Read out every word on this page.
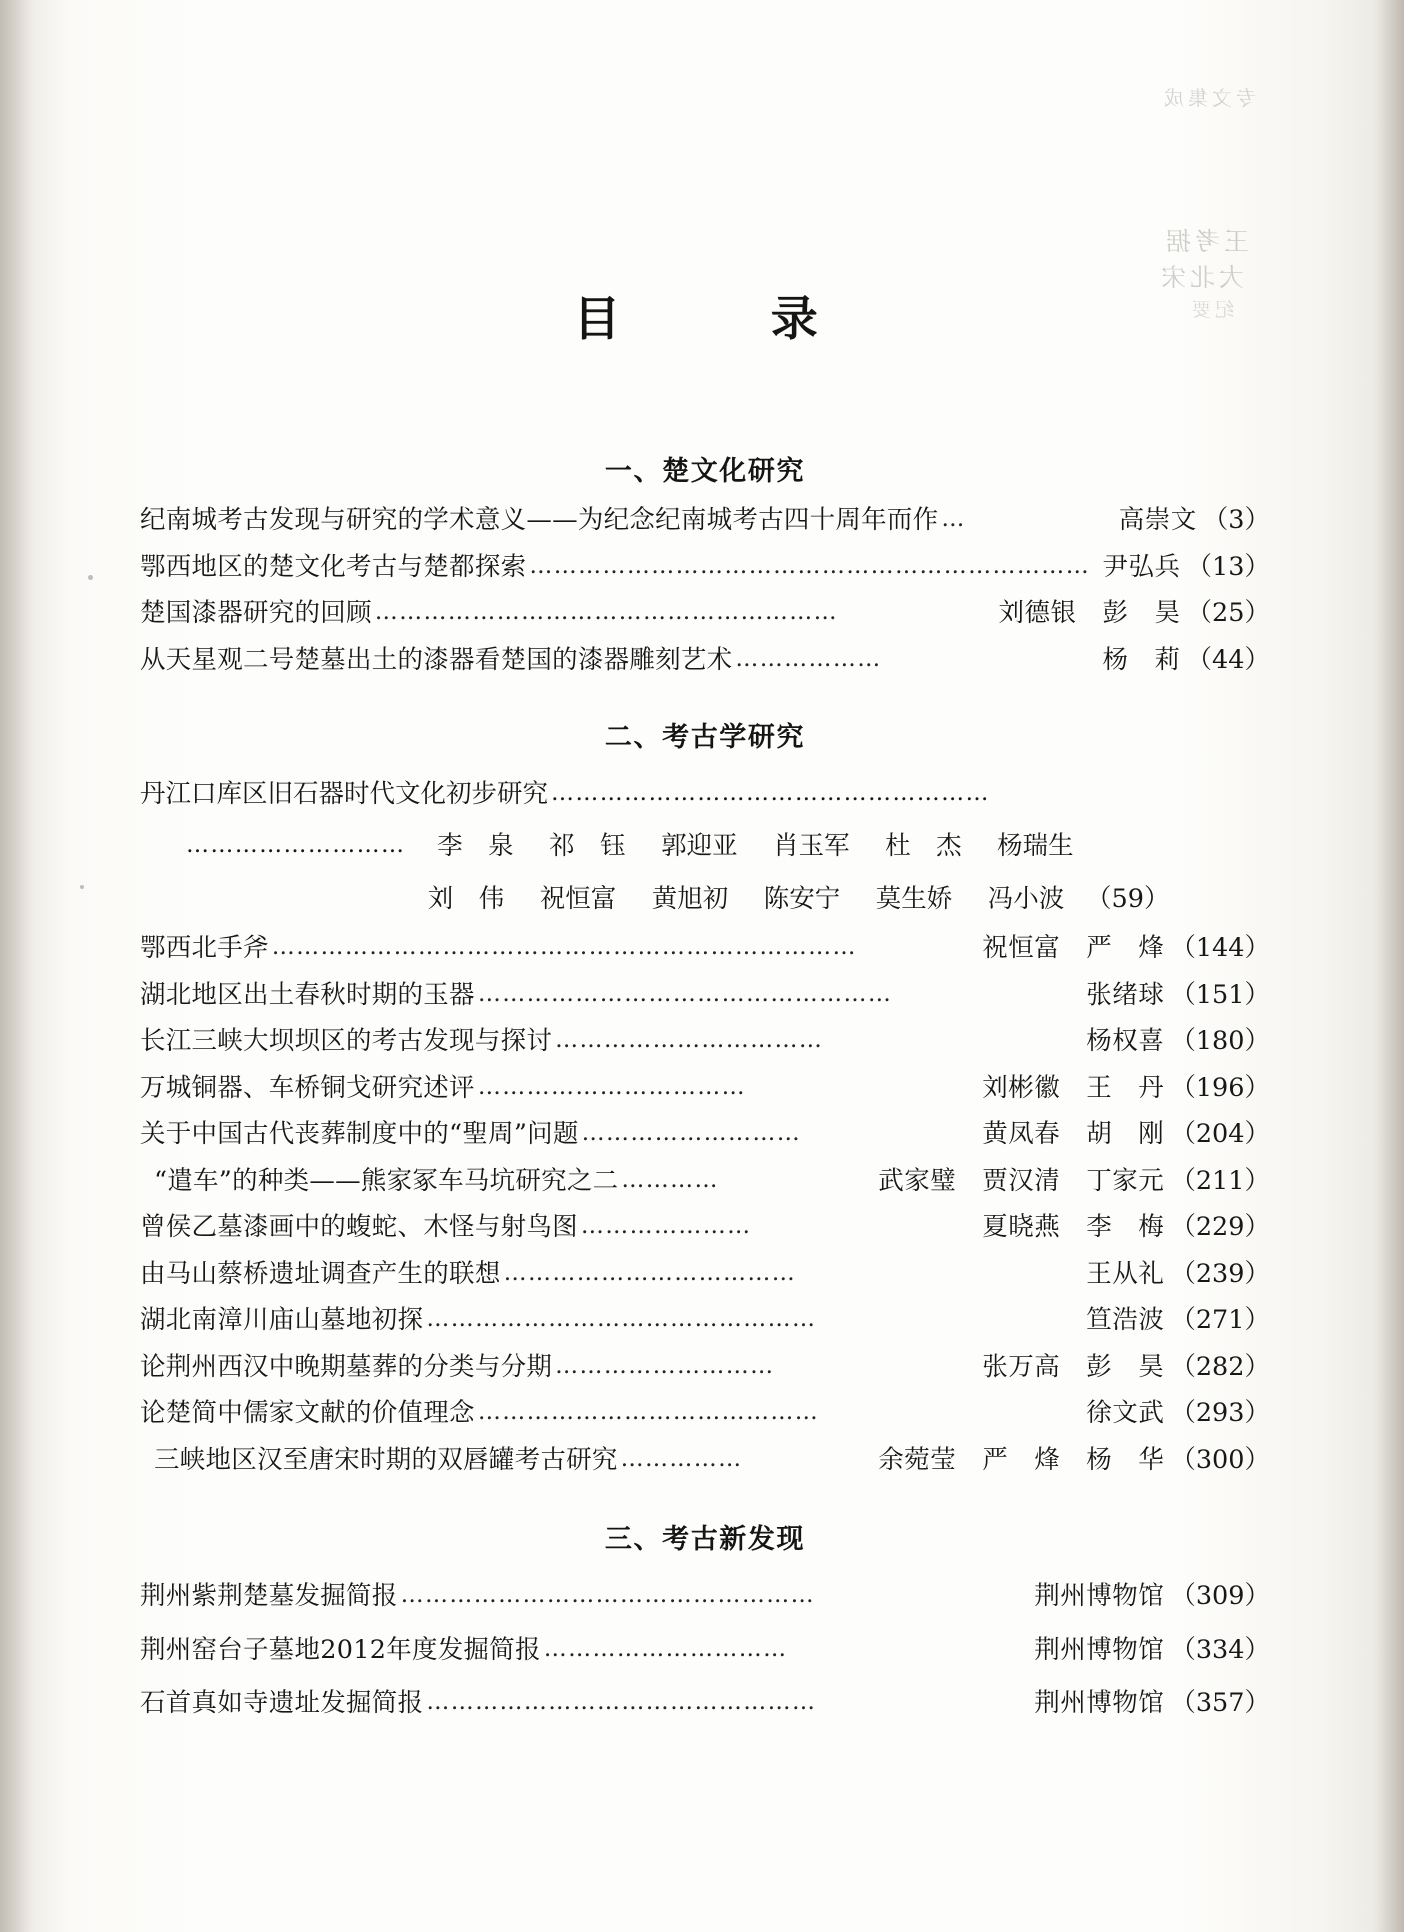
专文集成
王考据
大北宋
纪要
目　　录
一、楚文化研究
纪南城考古发现与研究的学术意义——为纪念纪南城考古四十周年而作 …	高崇文 （3）
鄂西地区的楚文化考古与楚都探索 …………………………………………………………… 尹弘兵 （13）
楚国漆器研究的回顾 …………………………………………………	刘德银　彭　昊 （25）
从天星观二号楚墓出土的漆器看楚国的漆器雕刻艺术 ………………	杨　莉 （44）
二、考古学研究
丹江口库区旧石器时代文化初步研究 ………………………………………………
………………………	李　泉	祁　钰	郭迎亚	肖玉军	杜　杰	杨瑞生
刘　伟	祝恒富	黄旭初	陈安宁	莫生娇	冯小波 （59）
鄂西北手斧 ………………………………………………………………	祝恒富　严　烽 （144）
湖北地区出土春秋时期的玉器 ……………………………………………	张绪球 （151）
长江三峡大坝坝区的考古发现与探讨 ……………………………	杨权喜 （180）
万城铜器、车桥铜戈研究述评 ……………………………	刘彬徽　王　丹 （196）
关于中国古代丧葬制度中的“聖周”问题 ………………………	黄凤春　胡　刚 （204）
“遣车”的种类——熊家冢车马坑研究之二 …………	武家璧　贾汉清　丁家元 （211）
曾侯乙墓漆画中的蝮蛇、木怪与射鸟图 …………………	夏晓燕　李　梅 （229）
由马山蔡桥遗址调查产生的联想 ………………………………	王从礼 （239）
湖北南漳川庙山墓地初探 …………………………………………	笪浩波 （271）
论荆州西汉中晚期墓葬的分类与分期 ………………………	张万高　彭　昊 （282）
论楚简中儒家文献的价值理念 ……………………………………	徐文武 （293）
三峡地区汉至唐宋时期的双唇罐考古研究 ……………	余菀莹　严　烽　杨　华 （300）
三、考古新发现
荆州紫荆楚墓发掘简报 ……………………………………………	荆州博物馆 （309）
荆州窑台子墓地2012年度发掘简报 …………………………	荆州博物馆 （334）
石首真如寺遗址发掘简报 …………………………………………	荆州博物馆 （357）
